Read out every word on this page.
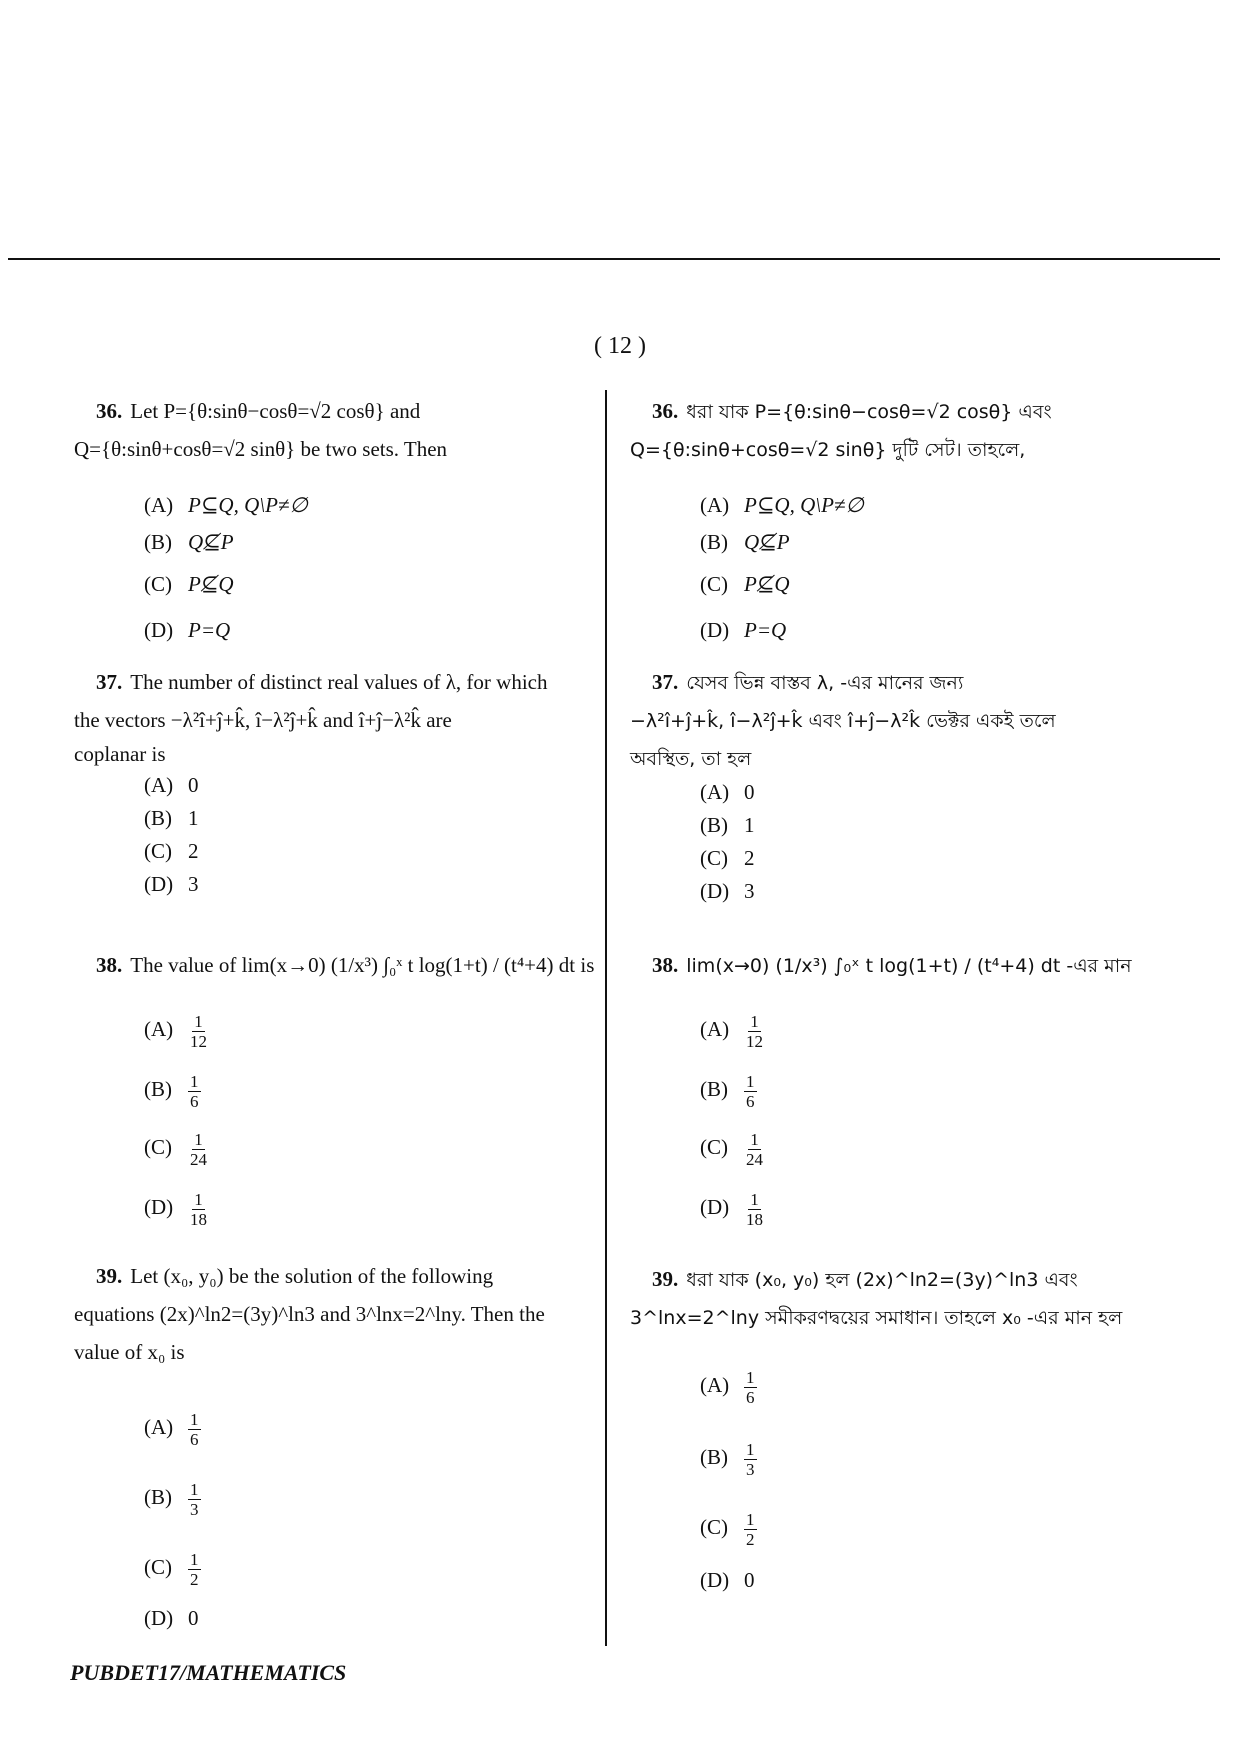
( 12 )
36. Let P={θ:sinθ−cosθ=√2 cosθ} and
Q={θ:sinθ+cosθ=√2 sinθ} be two sets. Then
(A) P⊆Q, Q\P≠∅
(B) Q⊈P
(C) P⊈Q
(D) P=Q
37. The number of distinct real values of λ, for which
the vectors −λ²î+ĵ+k̂, î−λ²ĵ+k̂ and î+ĵ−λ²k̂ are
coplanar is
(A) 0
(B) 1
(C) 2
(D) 3
38. The value of lim(x→0) (1/x³) ∫₀ˣ t log(1+t) / (t⁴+4) dt is
$(A) \frac{1}{12}$
$(B) \frac{1}{6}$
$(C) \frac{1}{24}$
$(D) \frac{1}{18}$
39. Let (x₀, y₀) be the solution of the following
equations (2x)^ln2=(3y)^ln3 and 3^lnx=2^lny. Then the
value of x₀ is
$(A) \frac{1}{6}$
$(B) \frac{1}{3}$
$(C) \frac{1}{2}$
(D) 0
36. ধরা যাক P={θ:sinθ−cosθ=√2 cosθ} এবং
Q={θ:sinθ+cosθ=√2 sinθ} দুটি সেট। তাহলে,
(A) P⊆Q, Q\P≠∅
(B) Q⊈P
(C) P⊈Q
(D) P=Q
37. যেসব ভিন্ন বাস্তব λ, -এর মানের জন্য
−λ²î+ĵ+k̂, î−λ²ĵ+k̂ এবং î+ĵ−λ²k̂ ভেক্টর একই তলে
অবস্থিত, তা হল
(A) 0
(B) 1
(C) 2
(D) 3
38. lim(x→0) (1/x³) ∫₀ˣ t log(1+t) / (t⁴+4) dt -এর মান
$(A) \frac{1}{12}$
$(B) \frac{1}{6}$
$(C) \frac{1}{24}$
$(D) \frac{1}{18}$
39. ধরা যাক (x₀, y₀) হল (2x)^ln2=(3y)^ln3 এবং
3^lnx=2^lny সমীকরণদ্বয়ের সমাধান। তাহলে x₀ -এর মান হল
$(A) \frac{1}{6}$
$(B) \frac{1}{3}$
$(C) \frac{1}{2}$
(D) 0
PUBDET17/MATHEMATICS
